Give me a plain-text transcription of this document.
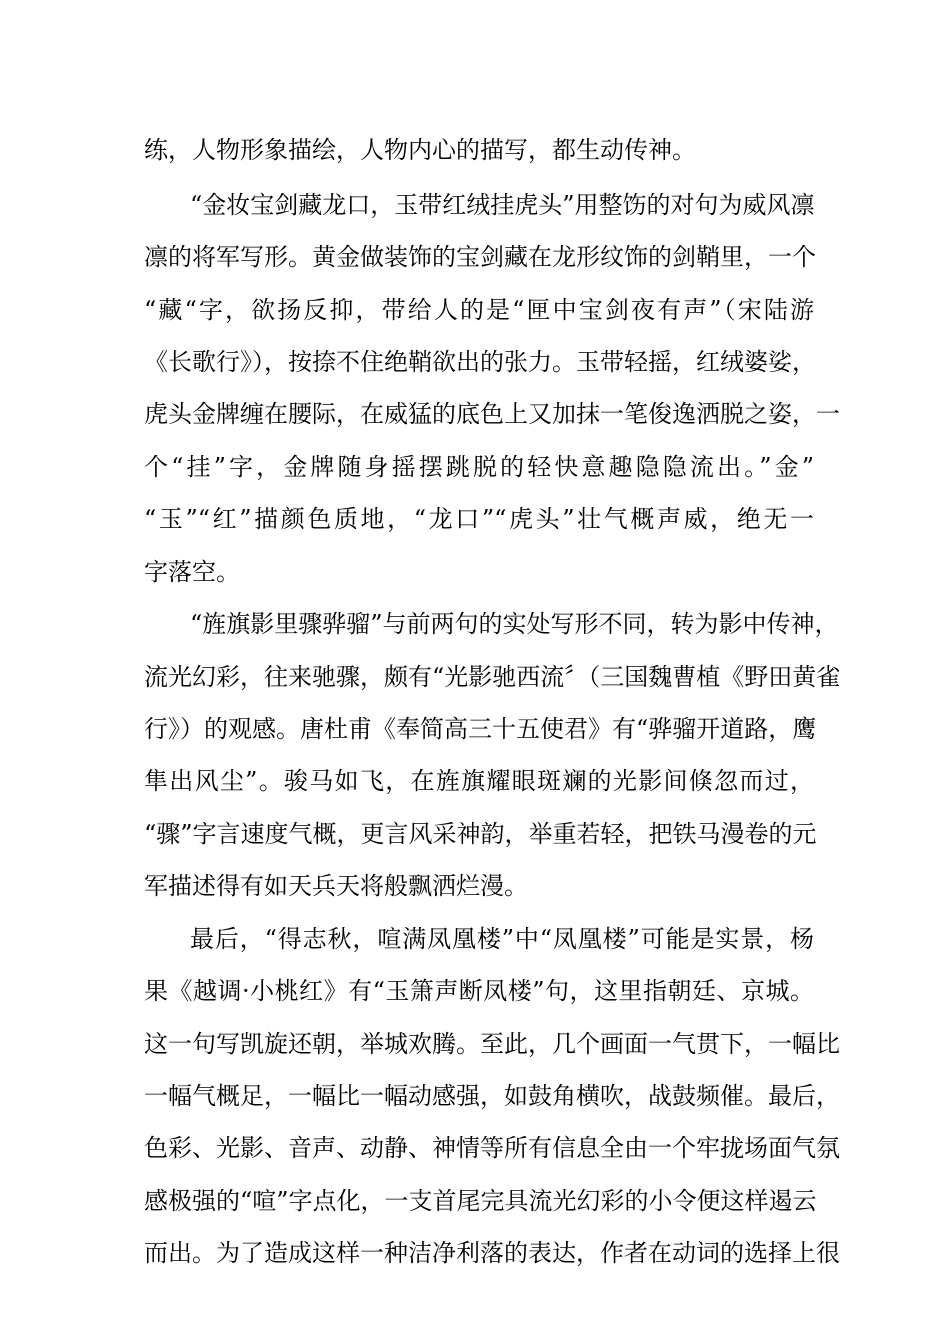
练，人物形象描绘，人物内心的描写，都生动传神。
“金妆宝剑藏龙口，玉带红绒挂虎头”用整饬的对句为威风凛
凛的将军写形。黄金做装饰的宝剑藏在龙形纹饰的剑鞘里，一个
“藏“字，欲扬反抑，带给人的是“匣中宝剑夜有声”（宋陆游
《长歌行》），按捺不住绝鞘欲出的张力。玉带轻摇，红绒婆娑，
虎头金牌缠在腰际，在威猛的底色上又加抹一笔俊逸洒脱之姿，一
个“挂”字，金牌随身摇摆跳脱的轻快意趣隐隐流出。”金”
“玉”“红”描颜色质地，“龙口”“虎头”壮气概声威，绝无一
字落空。
“旌旗影里骤骅骝”与前两句的实处写形不同，转为影中传神，
流光幻彩，往来驰骤，颇有“光影驰西流〞（三国魏曹植《野田黄雀
行》）的观感。唐杜甫《奉简高三十五使君》有“骅骝开道路，鹰
隼出风尘”。骏马如飞，在旌旗耀眼斑斓的光影间倏忽而过，
“骤”字言速度气概，更言风采神韵，举重若轻，把铁马漫卷的元
军描述得有如天兵天将般飘洒烂漫。
最后，“得志秋，喧满凤凰楼”中“凤凰楼”可能是实景，杨
果《越调·小桃红》有“玉箫声断凤楼”句，这里指朝廷、京城。
这一句写凯旋还朝，举城欢腾。至此，几个画面一气贯下，一幅比
一幅气概足，一幅比一幅动感强，如鼓角横吹，战鼓频催。最后，
色彩、光影、音声、动静、神情等所有信息全由一个牢拢场面气氛
感极强的“喧”字点化，一支首尾完具流光幻彩的小令便这样遏云
而出。为了造成这样一种洁净利落的表达，作者在动词的选择上很
